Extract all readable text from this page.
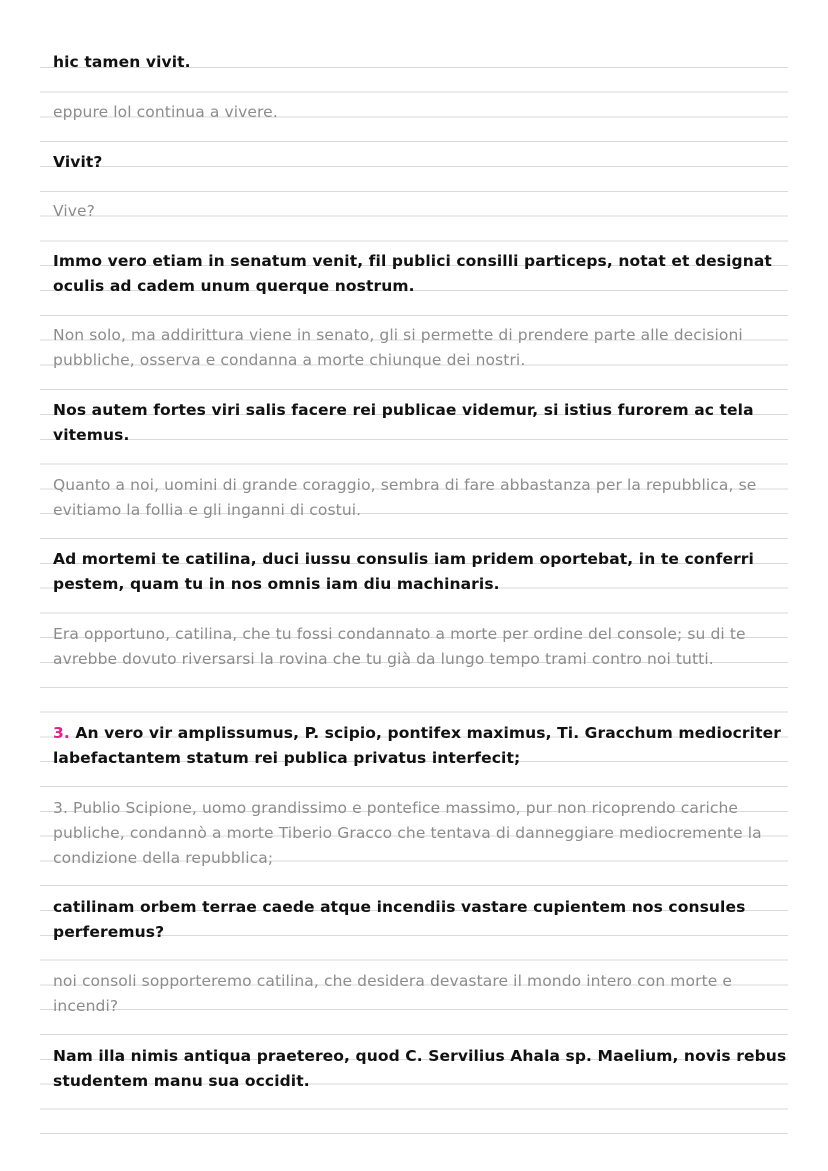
hic tamen vivit.
eppure lol continua a vivere.
Vivit?
Vive?
Immo vero etiam in senatum venit, fil publici consilli particeps, notat et designat oculis ad cadem unum querque nostrum.
Non solo, ma addirittura viene in senato, gli si permette di prendere parte alle decisioni pubbliche, osserva e condanna a morte chiunque dei nostri.
Nos autem fortes viri salis facere rei publicae videmur, si istius furorem ac tela vitemus.
Quanto a noi, uomini di grande coraggio, sembra di fare abbastanza per la repubblica, se evitiamo la follia e gli inganni di costui.
Ad mortemi te catilina, duci iussu consulis iam pridem oportebat, in te conferri pestem, quam tu in nos omnis iam diu machinaris.
Era opportuno, catilina, che tu fossi condannato a morte per ordine del console; su di te avrebbe dovuto riversarsi la rovina che tu già da lungo tempo trami contro noi tutti.
3. An vero vir amplissumus, P. scipio, pontifex maximus, Ti. Gracchum mediocriter labefactantem statum rei publica privatus interfecit;
3. Publio Scipione, uomo grandissimo e pontefice massimo, pur non ricoprendo cariche publiche, condannò a morte Tiberio Gracco che tentava di danneggiare mediocremente la condizione della repubblica;
catilinam orbem terrae caede atque incendiis vastare cupientem nos consules perferemus?
noi consoli sopporteremo catilina, che desidera devastare il mondo intero con morte e incendi?
Nam illa nimis antiqua praetereo, quod C. Servilius Ahala sp. Maelium, novis rebus studentem manu sua occidit.
